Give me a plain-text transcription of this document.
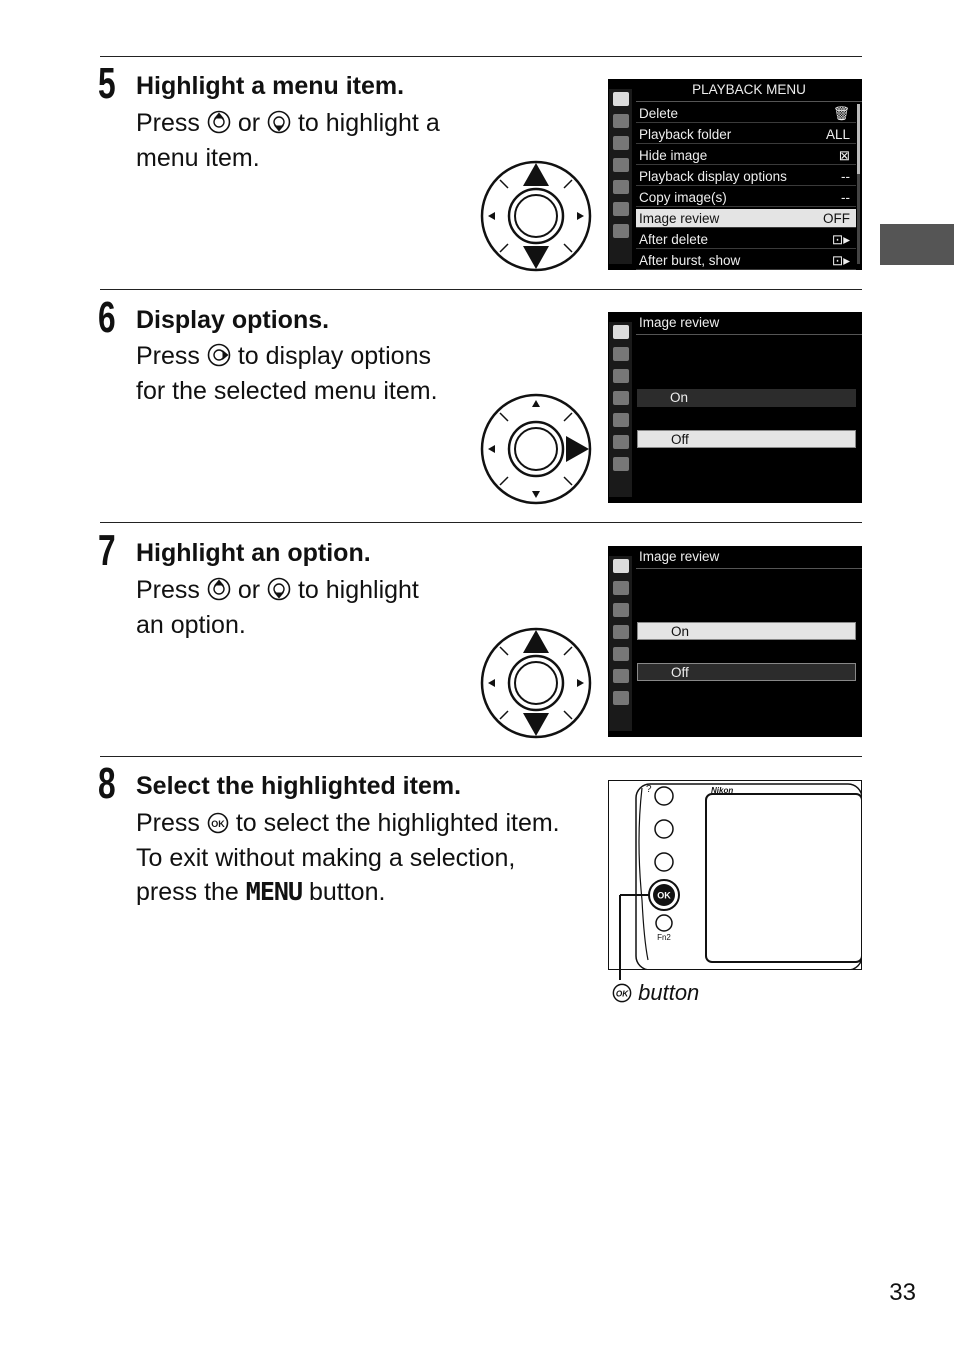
5 Highlight a menu item.
Press or to highlight a
menu item.
PLAYBACK MENU
Delete	🗑
Playback folder	ALL
Hide image	⊠
Playback display options	--
Copy image(s)	--
Image review	OFF
After delete	⊡▸
After burst, show	⊡▸
6 Display options.
Press to display options
for the selected menu item.
Image review
On
Off
7 Highlight an option.
Press or to highlight
an option.
Image review
On
Off
8 Select the highlighted item.
Press OK to select the highlighted item.
To exit without making a selection,
press the MENU button.
Nikon
?
OK
Fn2
OK button
33
